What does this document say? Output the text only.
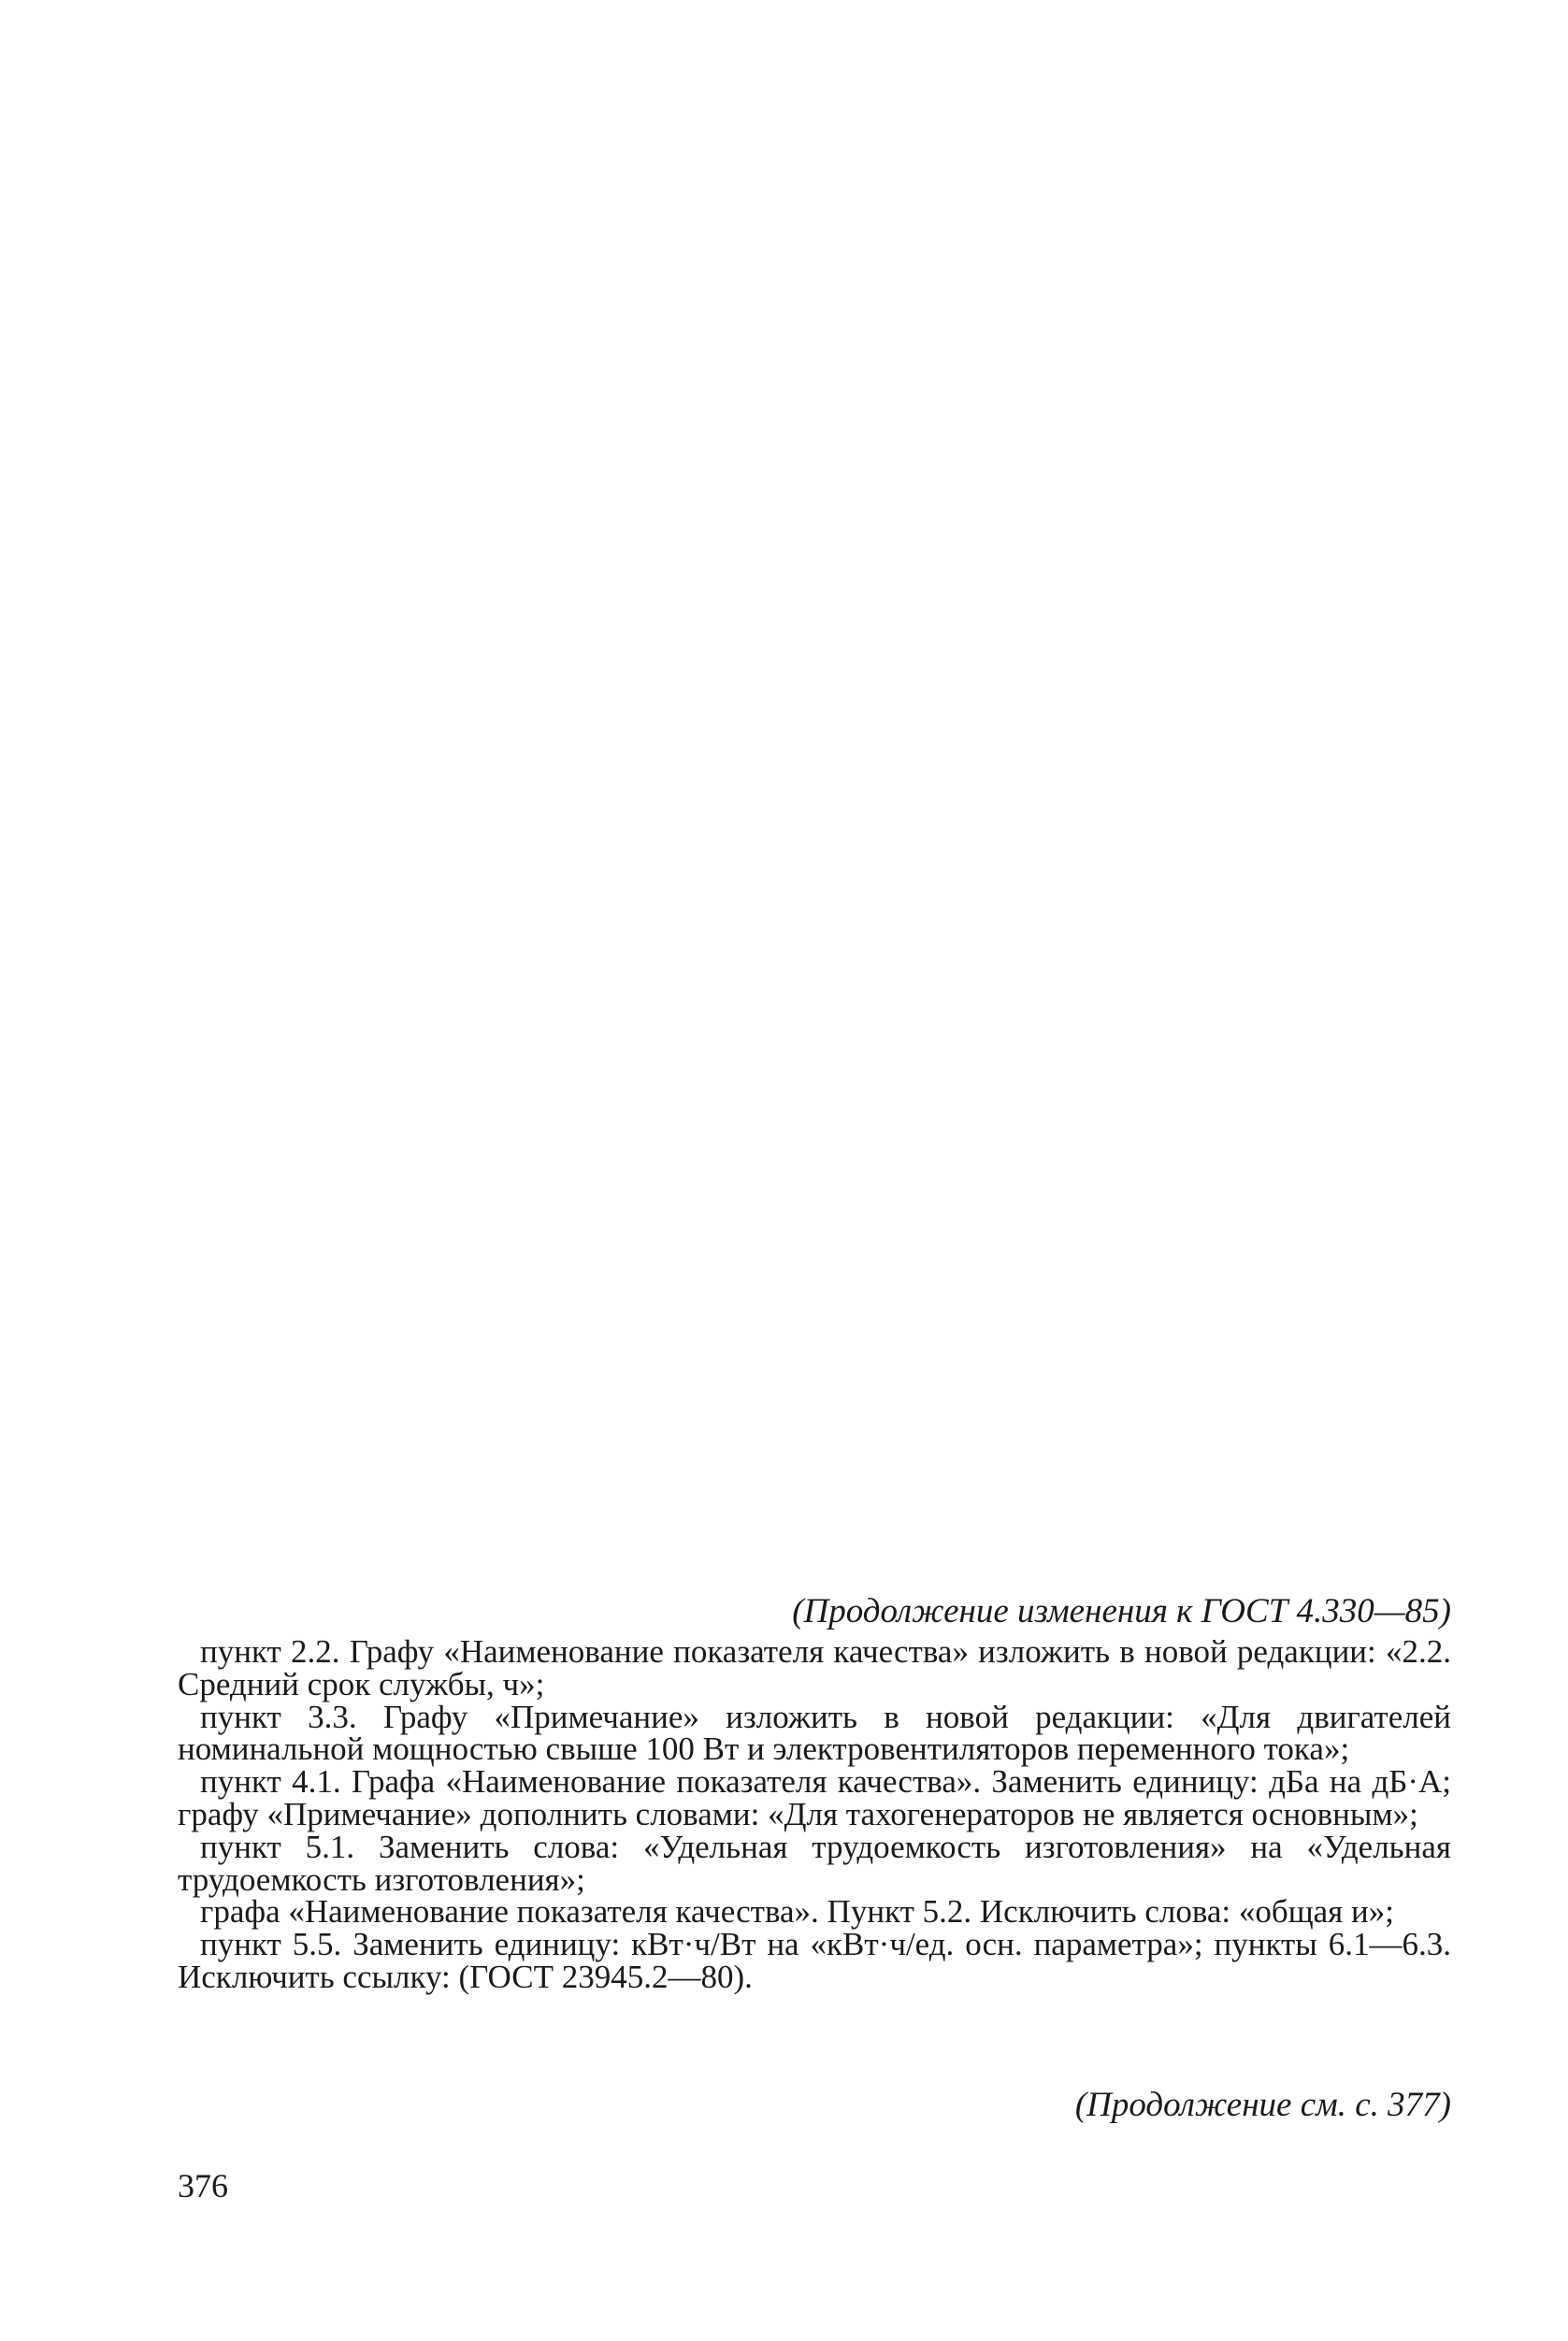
(Продолжение изменения к ГОСТ 4.330—85)

пункт 2.2. Графу «Наименование показателя качества» изложить в новой редакции: «2.2. Средний срок службы, ч»;

пункт 3.3. Графу «Примечание» изложить в новой редакции: «Для двигателей номинальной мощностью свыше 100 Вт и электровентиляторов переменного тока»;

пункт 4.1. Графа «Наименование показателя качества». Заменить единицу: дБа на дБ·А; графу «Примечание» дополнить словами: «Для тахогенераторов не является основным»;

пункт 5.1. Заменить слова: «Удельная трудоемкость изготовления» на «Удельная трудоемкость изготовления»;

графа «Наименование показателя качества». Пункт 5.2. Исключить слова: «общая и»;

пункт 5.5. Заменить единицу: кВт·ч/Вт на «кВт·ч/ед. осн. параметра»; пункты 6.1—6.3. Исключить ссылку: (ГОСТ 23945.2—80).

(Продолжение см. с. 377)
376
